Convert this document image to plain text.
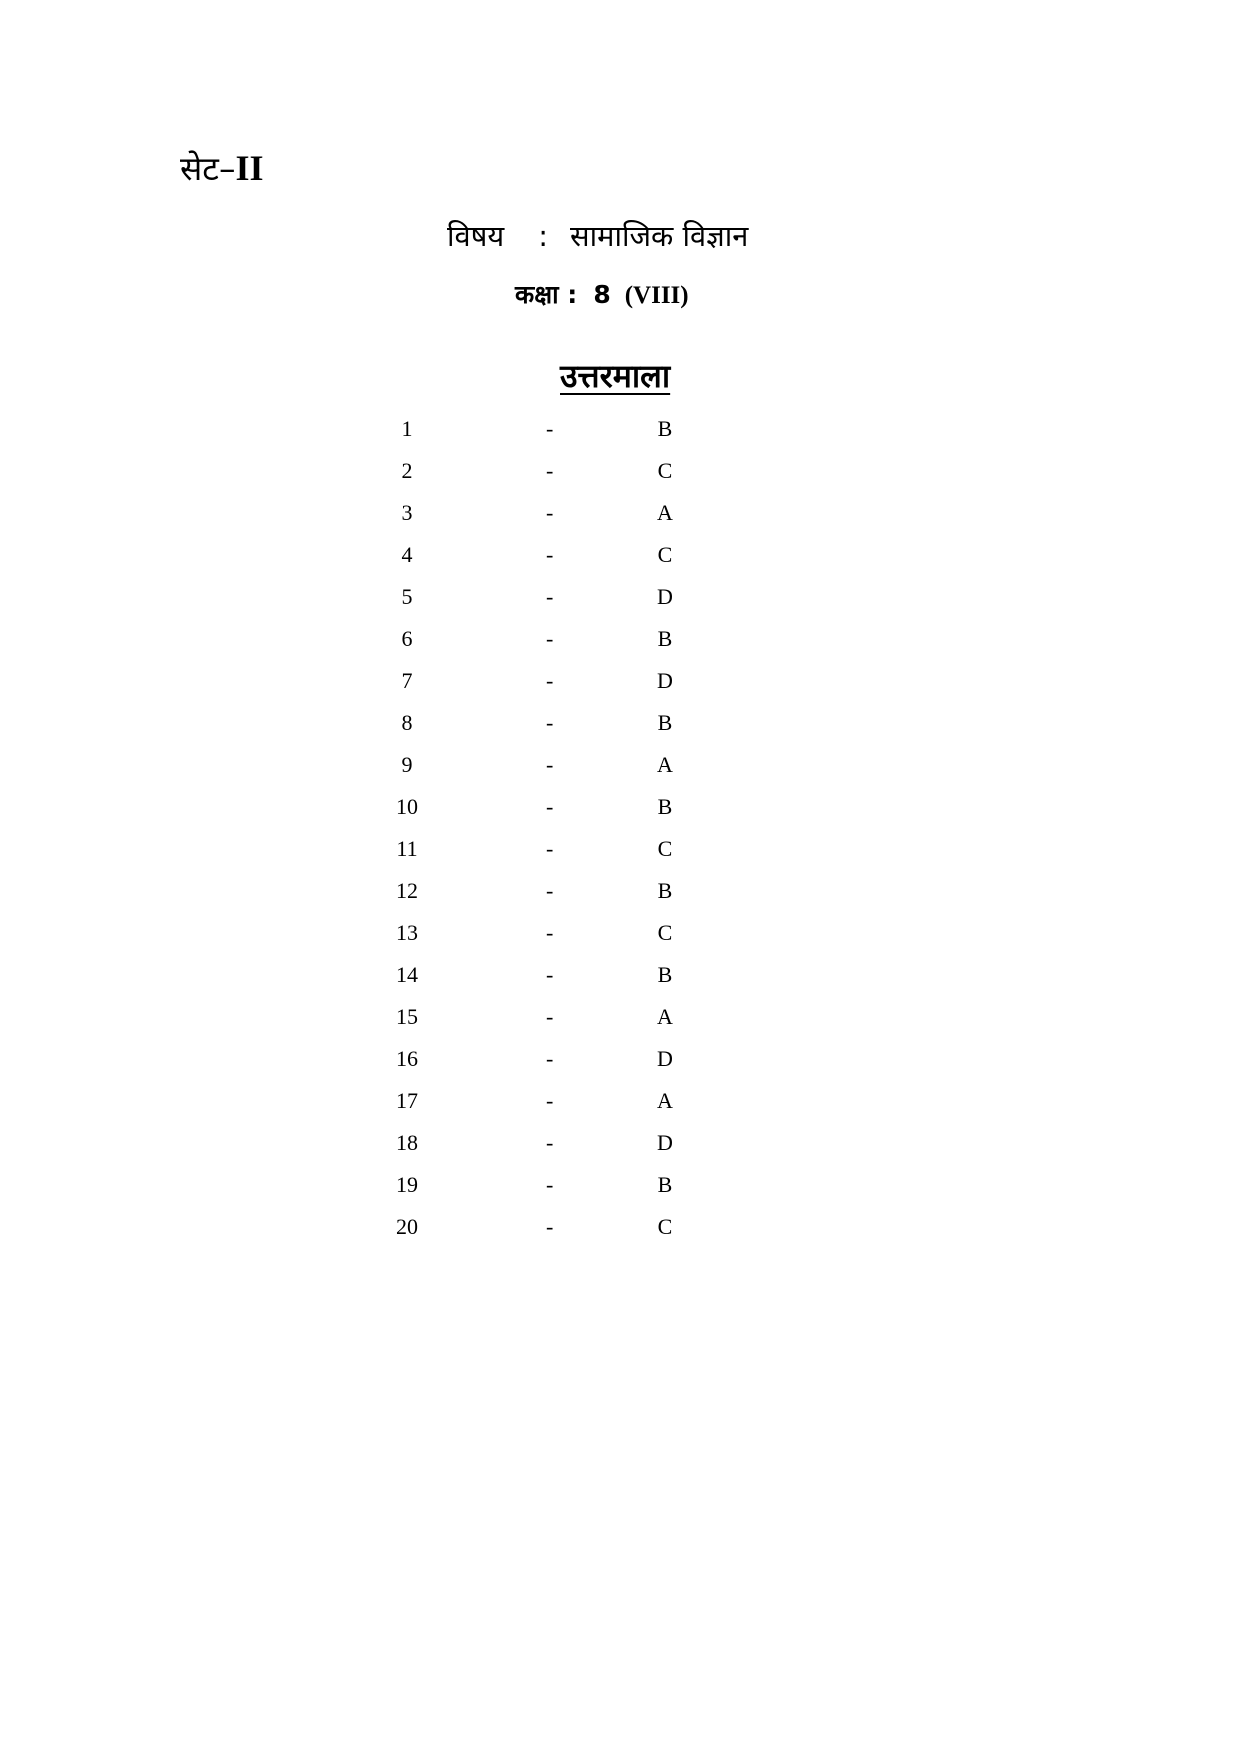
सेट–II
विषय : सामाजिक विज्ञान
कक्षा : 8 (VIII)
उत्तरमाला
1	-	B
2	-	C
3	-	A
4	-	C
5	-	D
6	-	B
7	-	D
8	-	B
9	-	A
10	-	B
11	-	C
12	-	B
13	-	C
14	-	B
15	-	A
16	-	D
17	-	A
18	-	D
19	-	B
20	-	C
